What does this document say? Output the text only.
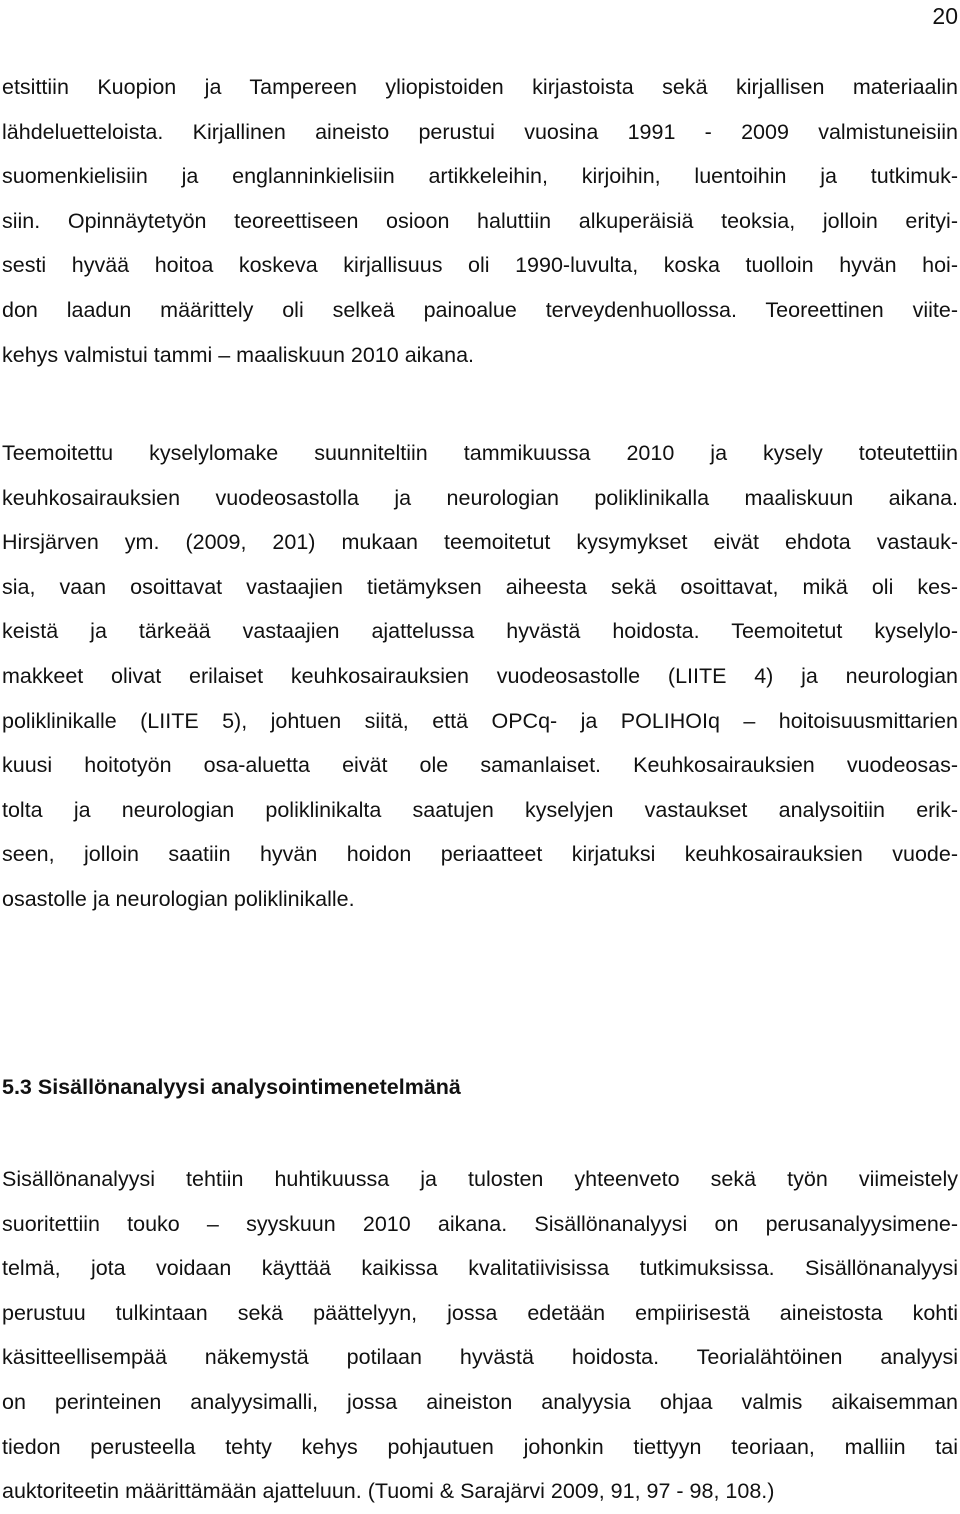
20

etsittiin Kuopion ja Tampereen yliopistoiden kirjastoista sekä kirjallisen materiaalin
lähdeluetteloista. Kirjallinen aineisto perustui vuosina 1991 - 2009 valmistuneisiin
suomenkielisiin ja englanninkielisiin artikkeleihin, kirjoihin, luentoihin ja tutkimuk-
siin. Opinnäytetyön teoreettiseen osioon haluttiin alkuperäisiä teoksia, jolloin erityi-
sesti hyvää hoitoa koskeva kirjallisuus oli 1990-luvulta, koska tuolloin hyvän hoi-
don laadun määrittely oli selkeä painoalue terveydenhuollossa. Teoreettinen viite-
kehys valmistui tammi – maaliskuun 2010 aikana.

Teemoitettu kyselylomake suunniteltiin tammikuussa 2010 ja kysely toteutettiin
keuhkosairauksien vuodeosastolla ja neurologian poliklinikalla maaliskuun aikana.
Hirsjärven ym. (2009, 201) mukaan teemoitetut kysymykset eivät ehdota vastauk-
sia, vaan osoittavat vastaajien tietämyksen aiheesta sekä osoittavat, mikä oli kes-
keistä ja tärkeää vastaajien ajattelussa hyvästä hoidosta. Teemoitetut kyselylo-
makkeet olivat erilaiset keuhkosairauksien vuodeosastolle (LIITE 4) ja neurologian
poliklinikalle (LIITE 5), johtuen siitä, että OPCq- ja POLIHOIq – hoitoisuusmittarien
kuusi hoitotyön osa-aluetta eivät ole samanlaiset. Keuhkosairauksien vuodeosas-
tolta ja neurologian poliklinikalta saatujen kyselyjen vastaukset analysoitiin erik-
seen, jolloin saatiin hyvän hoidon periaatteet kirjatuksi keuhkosairauksien vuode-
osastolle ja neurologian poliklinikalle.

5.3 Sisällönanalyysi analysointimenetelmänä

Sisällönanalyysi tehtiin huhtikuussa ja tulosten yhteenveto sekä työn viimeistely
suoritettiin touko – syyskuun 2010 aikana. Sisällönanalyysi on perusanalyysimene-
telmä, jota voidaan käyttää kaikissa kvalitatiivisissa tutkimuksissa. Sisällönanalyysi
perustuu tulkintaan sekä päättelyyn, jossa edetään empiirisestä aineistosta kohti
käsitteellisempää näkemystä potilaan hyvästä hoidosta. Teorialähtöinen analyysi
on perinteinen analyysimalli, jossa aineiston analyysia ohjaa valmis aikaisemman
tiedon perusteella tehty kehys pohjautuen johonkin tiettyyn teoriaan, malliin tai
auktoriteetin määrittämään ajatteluun. (Tuomi & Sarajärvi 2009, 91, 97 - 98, 108.)
